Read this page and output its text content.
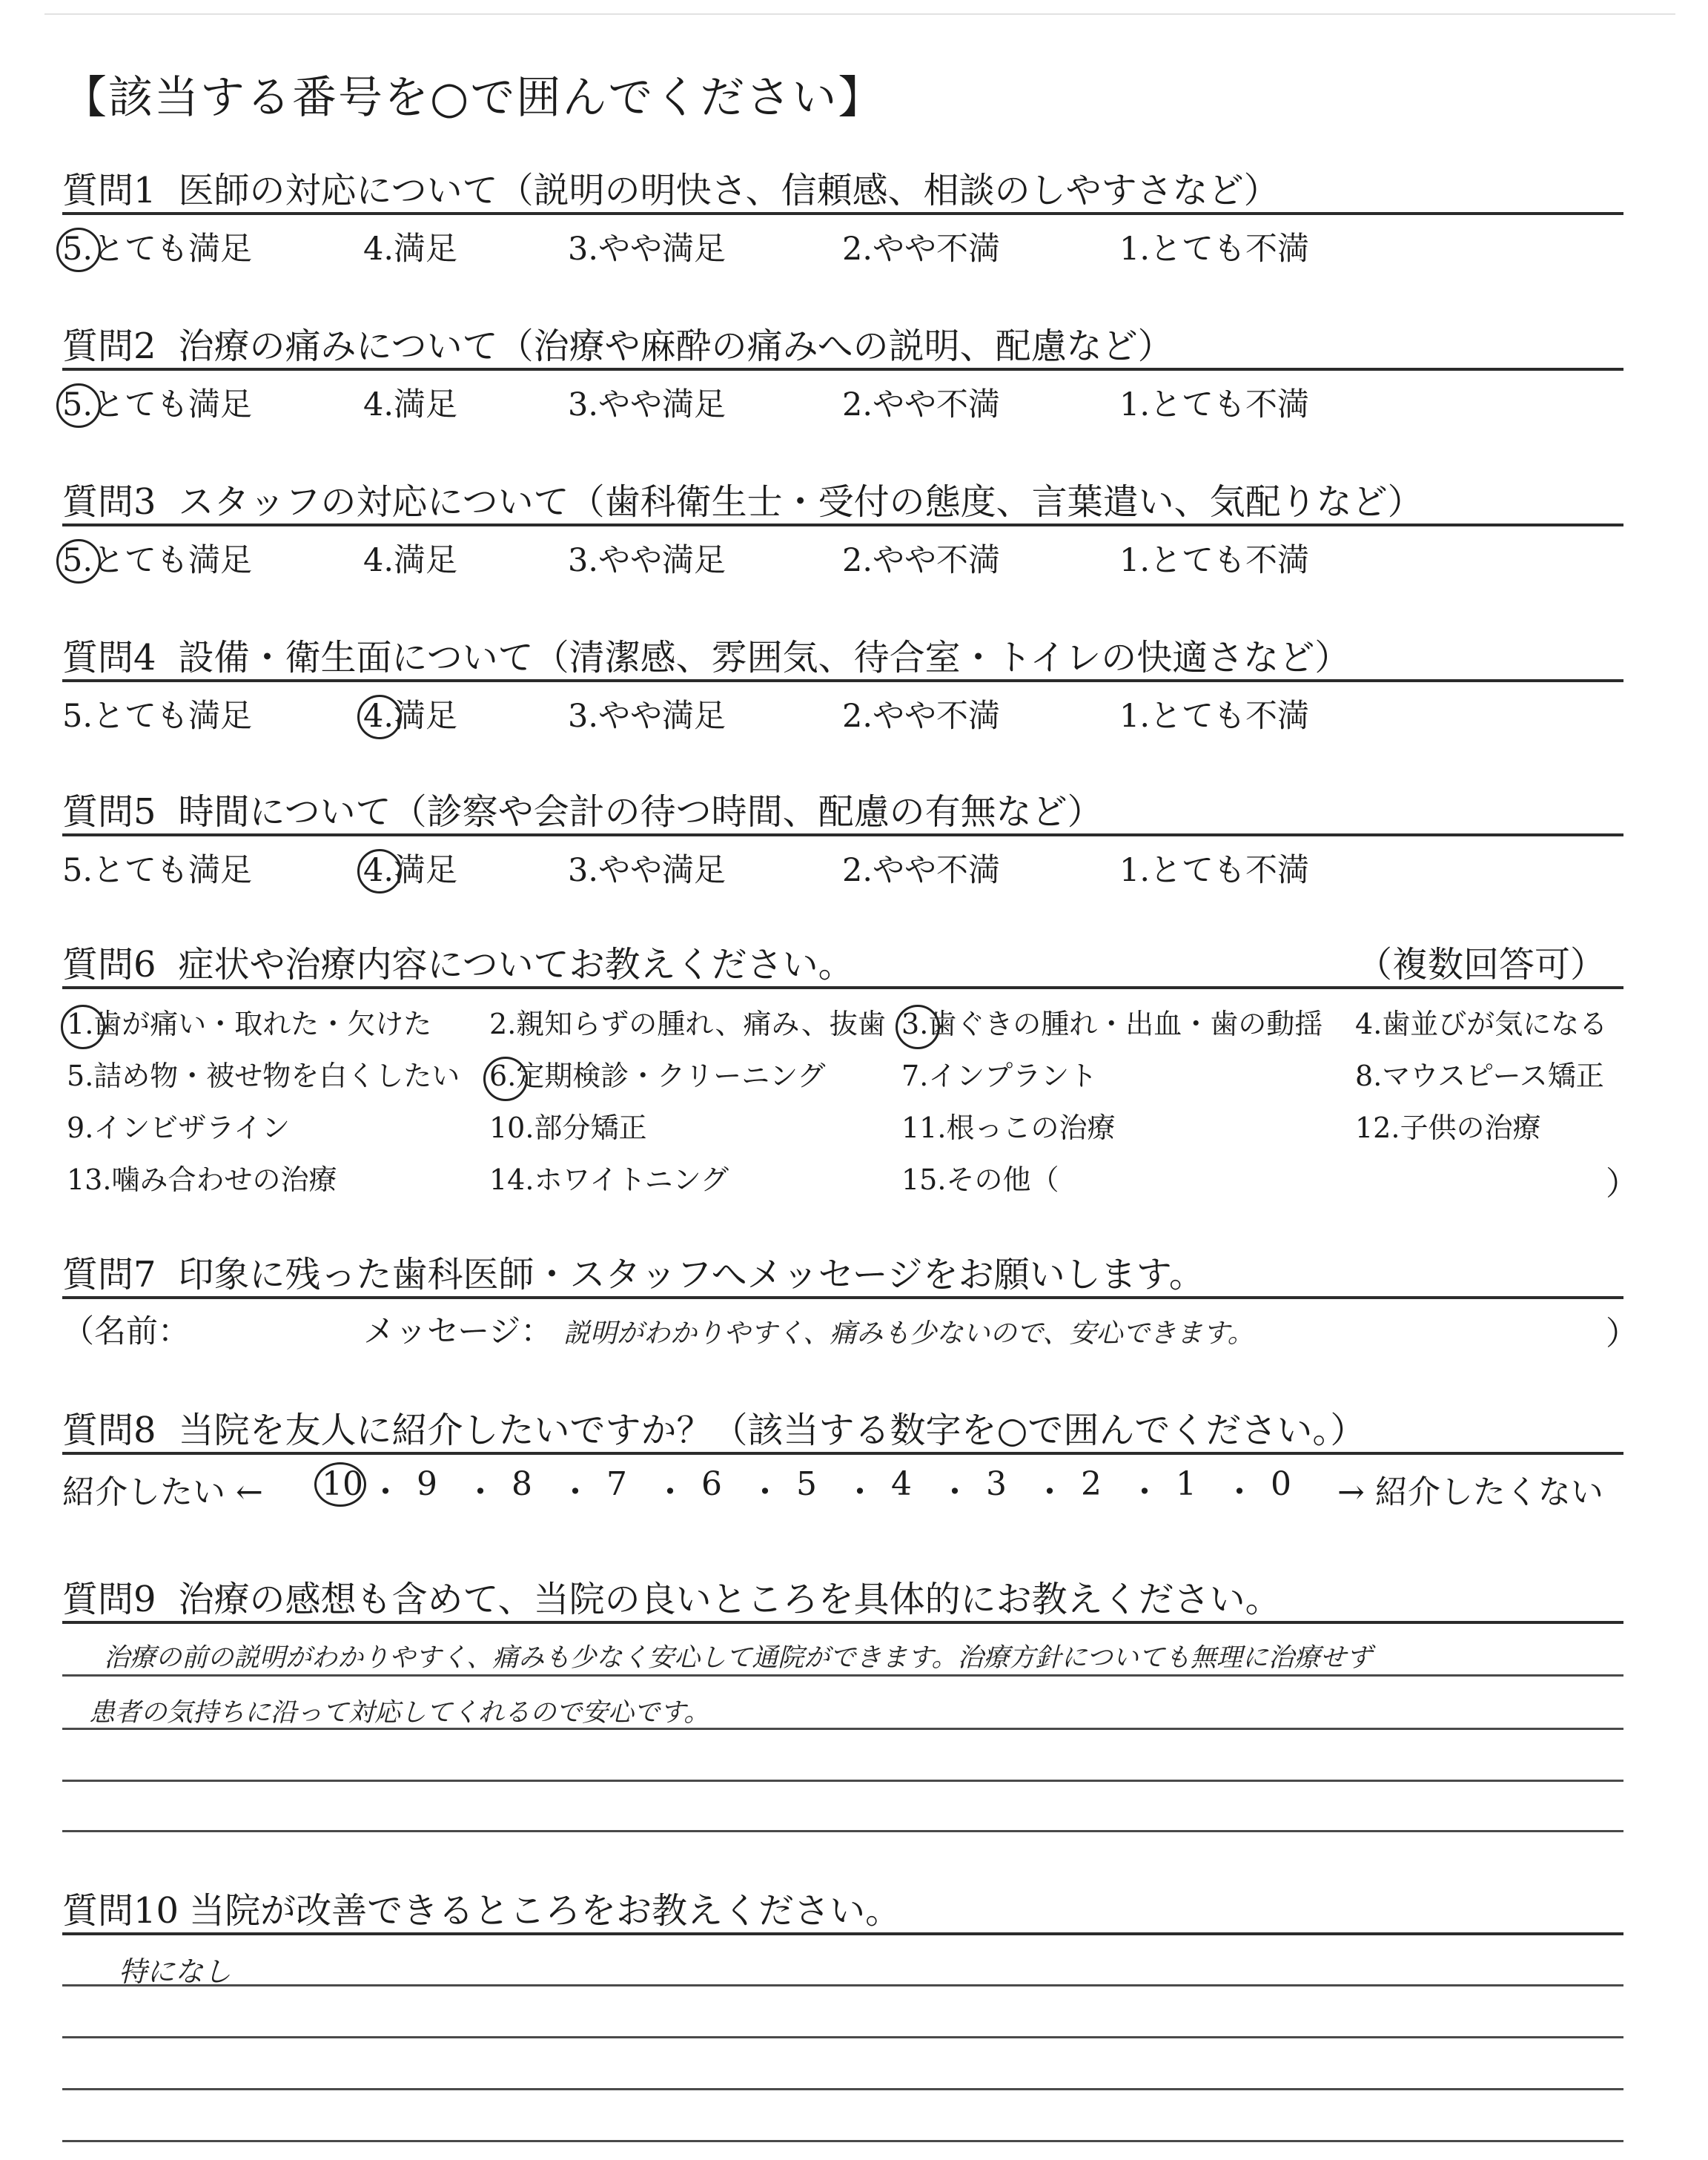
【該当する番号を○で囲んでください】
質問1 医師の対応について（説明の明快さ、信頼感、相談のしやすさなど）
5.とても満足	4.満足	3.やや満足	2.やや不満	1.とても不満
質問2 治療の痛みについて（治療や麻酔の痛みへの説明、配慮など）
5.とても満足	4.満足	3.やや満足	2.やや不満	1.とても不満
質問3 スタッフの対応について（歯科衛生士・受付の態度、言葉遣い、気配りなど）
5.とても満足	4.満足	3.やや満足	2.やや不満	1.とても不満
質問4 設備・衛生面について（清潔感、雰囲気、待合室・トイレの快適さなど）
5.とても満足	4.満足	3.やや満足	2.やや不満	1.とても不満
質問5 時間について（診察や会計の待つ時間、配慮の有無など）
5.とても満足	4.満足	3.やや満足	2.やや不満	1.とても不満
質問6 症状や治療内容についてお教えください。	（複数回答可）
1.歯が痛い・取れた・欠けた 2.親知らずの腫れ、痛み、抜歯 3.歯ぐきの腫れ・出血・歯の動揺 4.歯並びが気になる
5.詰め物・被せ物を白くしたい 6.定期検診・クリーニング	7.インプラント	8.マウスピース矯正
9.インビザライン	10.部分矯正	11.根っこの治療	12.子供の治療
13.噛み合わせの治療	14.ホワイトニング	15.その他（	）
質問7 印象に残った歯科医師・スタッフへメッセージをお願いします。
（名前：	メッセージ： 説明がわかりやすく、痛みも少ないので、安心できます。	）
質問8 当院を友人に紹介したいですか？（該当する数字を○で囲んでください。）
紹介したい ← 10 ・ 9 ・ 8 ・ 7 ・ 6 ・ 5 ・ 4 ・ 3 ・ 2 ・ 1 ・ 0 → 紹介したくない
質問9 治療の感想も含めて、当院の良いところを具体的にお教えください。
治療の前の説明がわかりやすく、痛みも少なく安心して通院ができます。治療方針についても無理に治療せず
患者の気持ちに沿って対応してくれるので安心です。
質問10 当院が改善できるところをお教えください。
特になし
